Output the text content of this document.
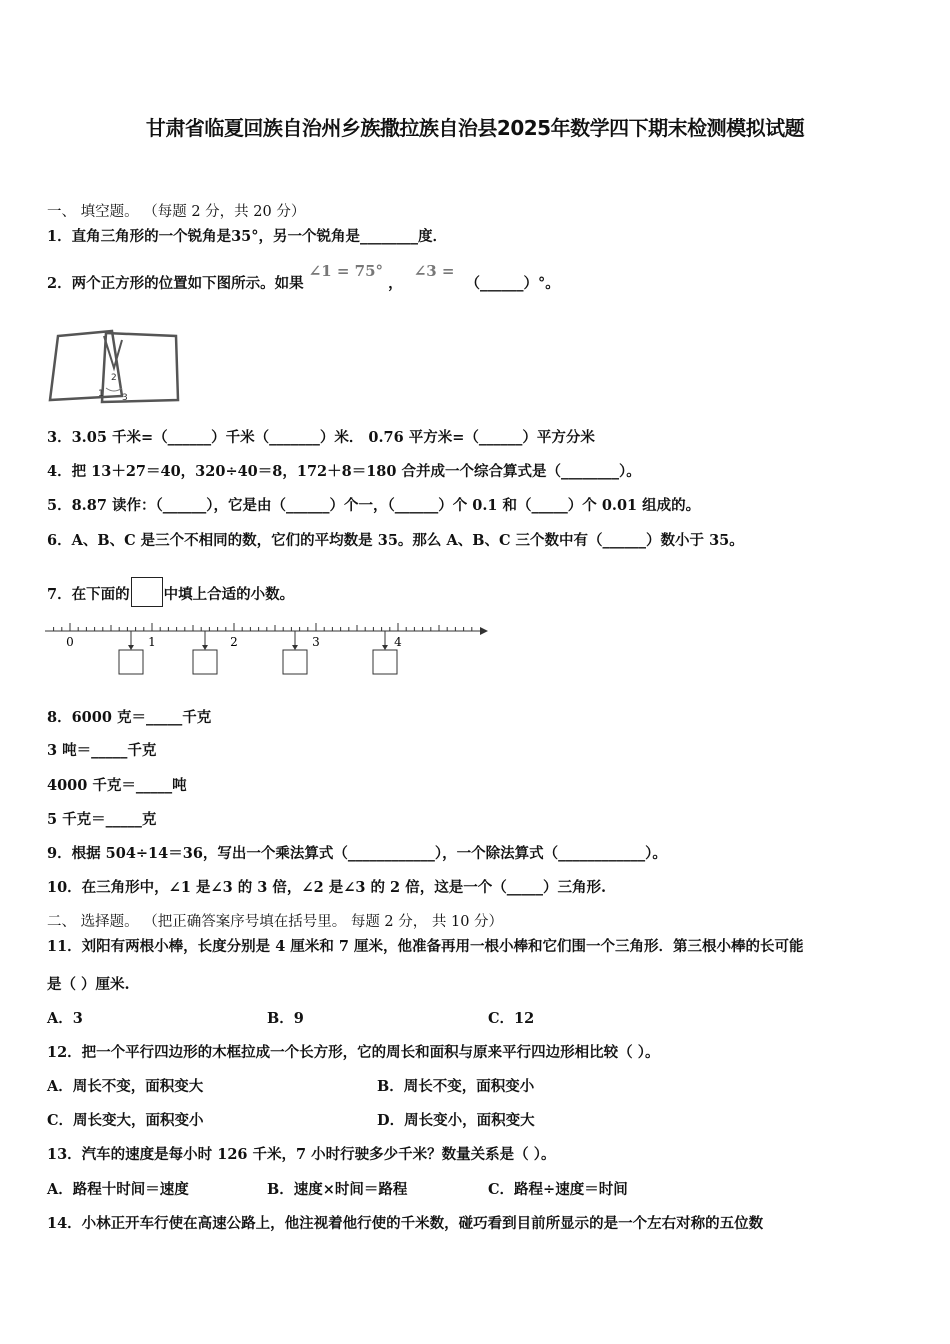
甘肃省临夏回族自治州乡族撒拉族自治县2025年数学四下期末检测模拟试题
一、 填空题。 （每题 2 分，共 20 分）
1．直角三角形的一个锐角是35°，另一个锐角是________度．
2．两个正方形的位置如下图所示。如果 ∠1 = 75° ， ∠3 = （______）°。
1
2
3
3．3.05 千米=（______）千米（_______）米． 0.76 平方米=（______）平方分米
4．把 13＋27＝40，320÷40＝8，172＋8＝180 合并成一个综合算式是（________）。
5．8.87 读作：（______），它是由（______）个一，（______）个 0.1 和（_____）个 0.01 组成的。
6．A、B、C 是三个不相同的数，它们的平均数是 35。那么 A、B、C 三个数中有（______）数小于 35。
7．在下面的 中填上合适的小数。
0	1	2	3	4
8．6000 克＝_____千克
3 吨＝_____千克
4000 千克＝_____吨
5 千克＝_____克
9．根据 504÷14＝36，写出一个乘法算式（____________），一个除法算式（____________）。
10．在三角形中，∠1 是∠3 的 3 倍，∠2 是∠3 的 2 倍，这是一个（_____）三角形.
二、 选择题。 （把正确答案序号填在括号里。 每题 2 分， 共 10 分）
11．刘阳有两根小棒，长度分别是 4 厘米和 7 厘米，他准备再用一根小棒和它们围一个三角形．第三根小棒的长可能
是（ ）厘米.
A．3	B．9	C．12
12．把一个平行四边形的木框拉成一个长方形，它的周长和面积与原来平行四边形相比较（ ）。
A．周长不变，面积变大	B．周长不变，面积变小
C．周长变大，面积变小	D．周长变小，面积变大
13．汽车的速度是每小时 126 千米，7 小时行驶多少千米？数量关系是（ ）。
A．路程十时间＝速度	B．速度×时间＝路程	C．路程÷速度＝时间
14．小林正开车行使在高速公路上，他注视着他行使的千米数，碰巧看到目前所显示的是一个左右对称的五位数
